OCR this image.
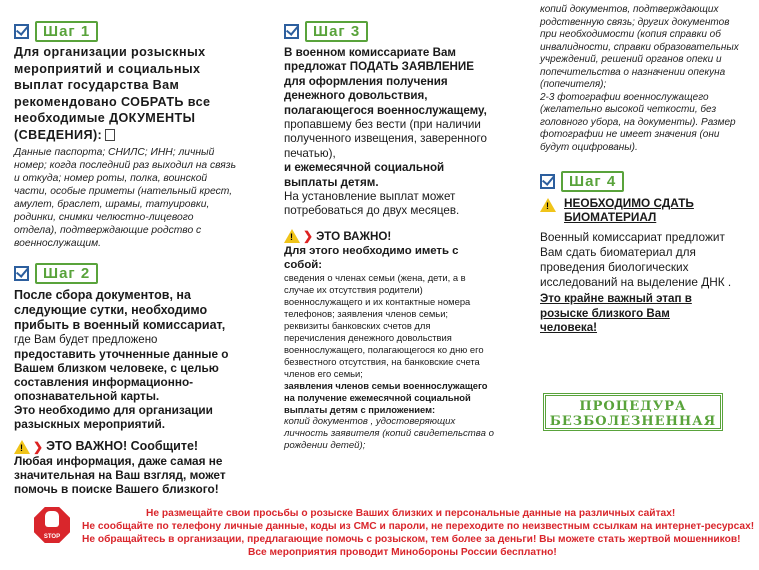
Шаг 1
Для организации розыскных мероприятий и социальных выплат государства Вам рекомендовано СОБРАТЬ все необходимые ДОКУМЕНТЫ (СВЕДЕНИЯ):
Данные паспорта; СНИЛС; ИНН; личный номер; когда последний раз выходил на связь и откуда; номер роты, полка, воинской части, особые приметы (нательный крест, амулет, браслет, шрамы, татуировки, родинки, снимки челюстно-лицевого отдела), подтверждающие родство с военнослужащим.
Шаг 2
После сбора документов, на следующие сутки, необходимо прибыть в военный комиссариат,
где Вам будет предложено
предоставить уточненные данные о Вашем близком человеке, с целью составления информационно-опознавательной карты.
Это необходимо для организации разыскных мероприятий.
! ❯ ЭТО ВАЖНО! Сообщите!
Любая информация, даже самая не значительная на Ваш взгляд, может помочь в поиске Вашего близкого!
Шаг 3
В военном комиссариате Вам предложат ПОДАТЬ ЗАЯВЛЕНИЕ для оформления получения денежного довольствия, полагающегося военнослужащему,
пропавшему без вести (при наличии полученного извещения, заверенного печатью),
и ежемесячной социальной выплаты детям.
На установление выплат может потребоваться до двух месяцев.
! ❯ ЭТО ВАЖНО!
Для этого необходимо иметь с собой:
сведения о членах семьи (жена, дети, а в случае их отсутствия родители) военнослужащего и их контактные номера телефонов; заявления членов семьи; реквизиты банковских счетов для перечисления денежного довольствия военнослужащего, полагающегося ко дню его безвестного отсутствия, на банковские счета членов его семьи;
заявления членов семьи военнослужащего на получение ежемесячной социальной выплаты детям с приложением:
копий документов , удостоверяющих личность заявителя (копий свидетельства о рождении детей);
копий документов, подтверждающих родственную связь; других документов при необходимости (копия справки об инвалидности, справки образовательных учреждений, решений органов опеки и попечительства о назначении опекуна (попечителя);
2-3 фотографии военнослужащего (желательно высокой четкости, без головного убора, на документы). Размер фотографии не имеет значения (они будут оцифрованы).
Шаг 4
! НЕОБХОДИМО СДАТЬ БИОМАТЕРИАЛ
Военный комиссариат предложит Вам сдать биоматериал для проведения биологических исследований на выделение ДНК .
Это крайне важный этап в розыске близкого Вам человека!
ПРОЦЕДУРА БЕЗБОЛЕЗНЕННАЯ
STOP
Не размещайте свои просьбы о розыске Ваших близких и персональные данные на различных сайтах!
Не сообщайте по телефону личные данные, коды из СМС и пароли, не переходите по неизвестным ссылкам на интернет-ресурсах!
Не обращайтесь в организации, предлагающие помочь с розыском, тем более за деньги! Вы можете стать жертвой мошенников!
Все мероприятия проводит Минобороны России бесплатно!
